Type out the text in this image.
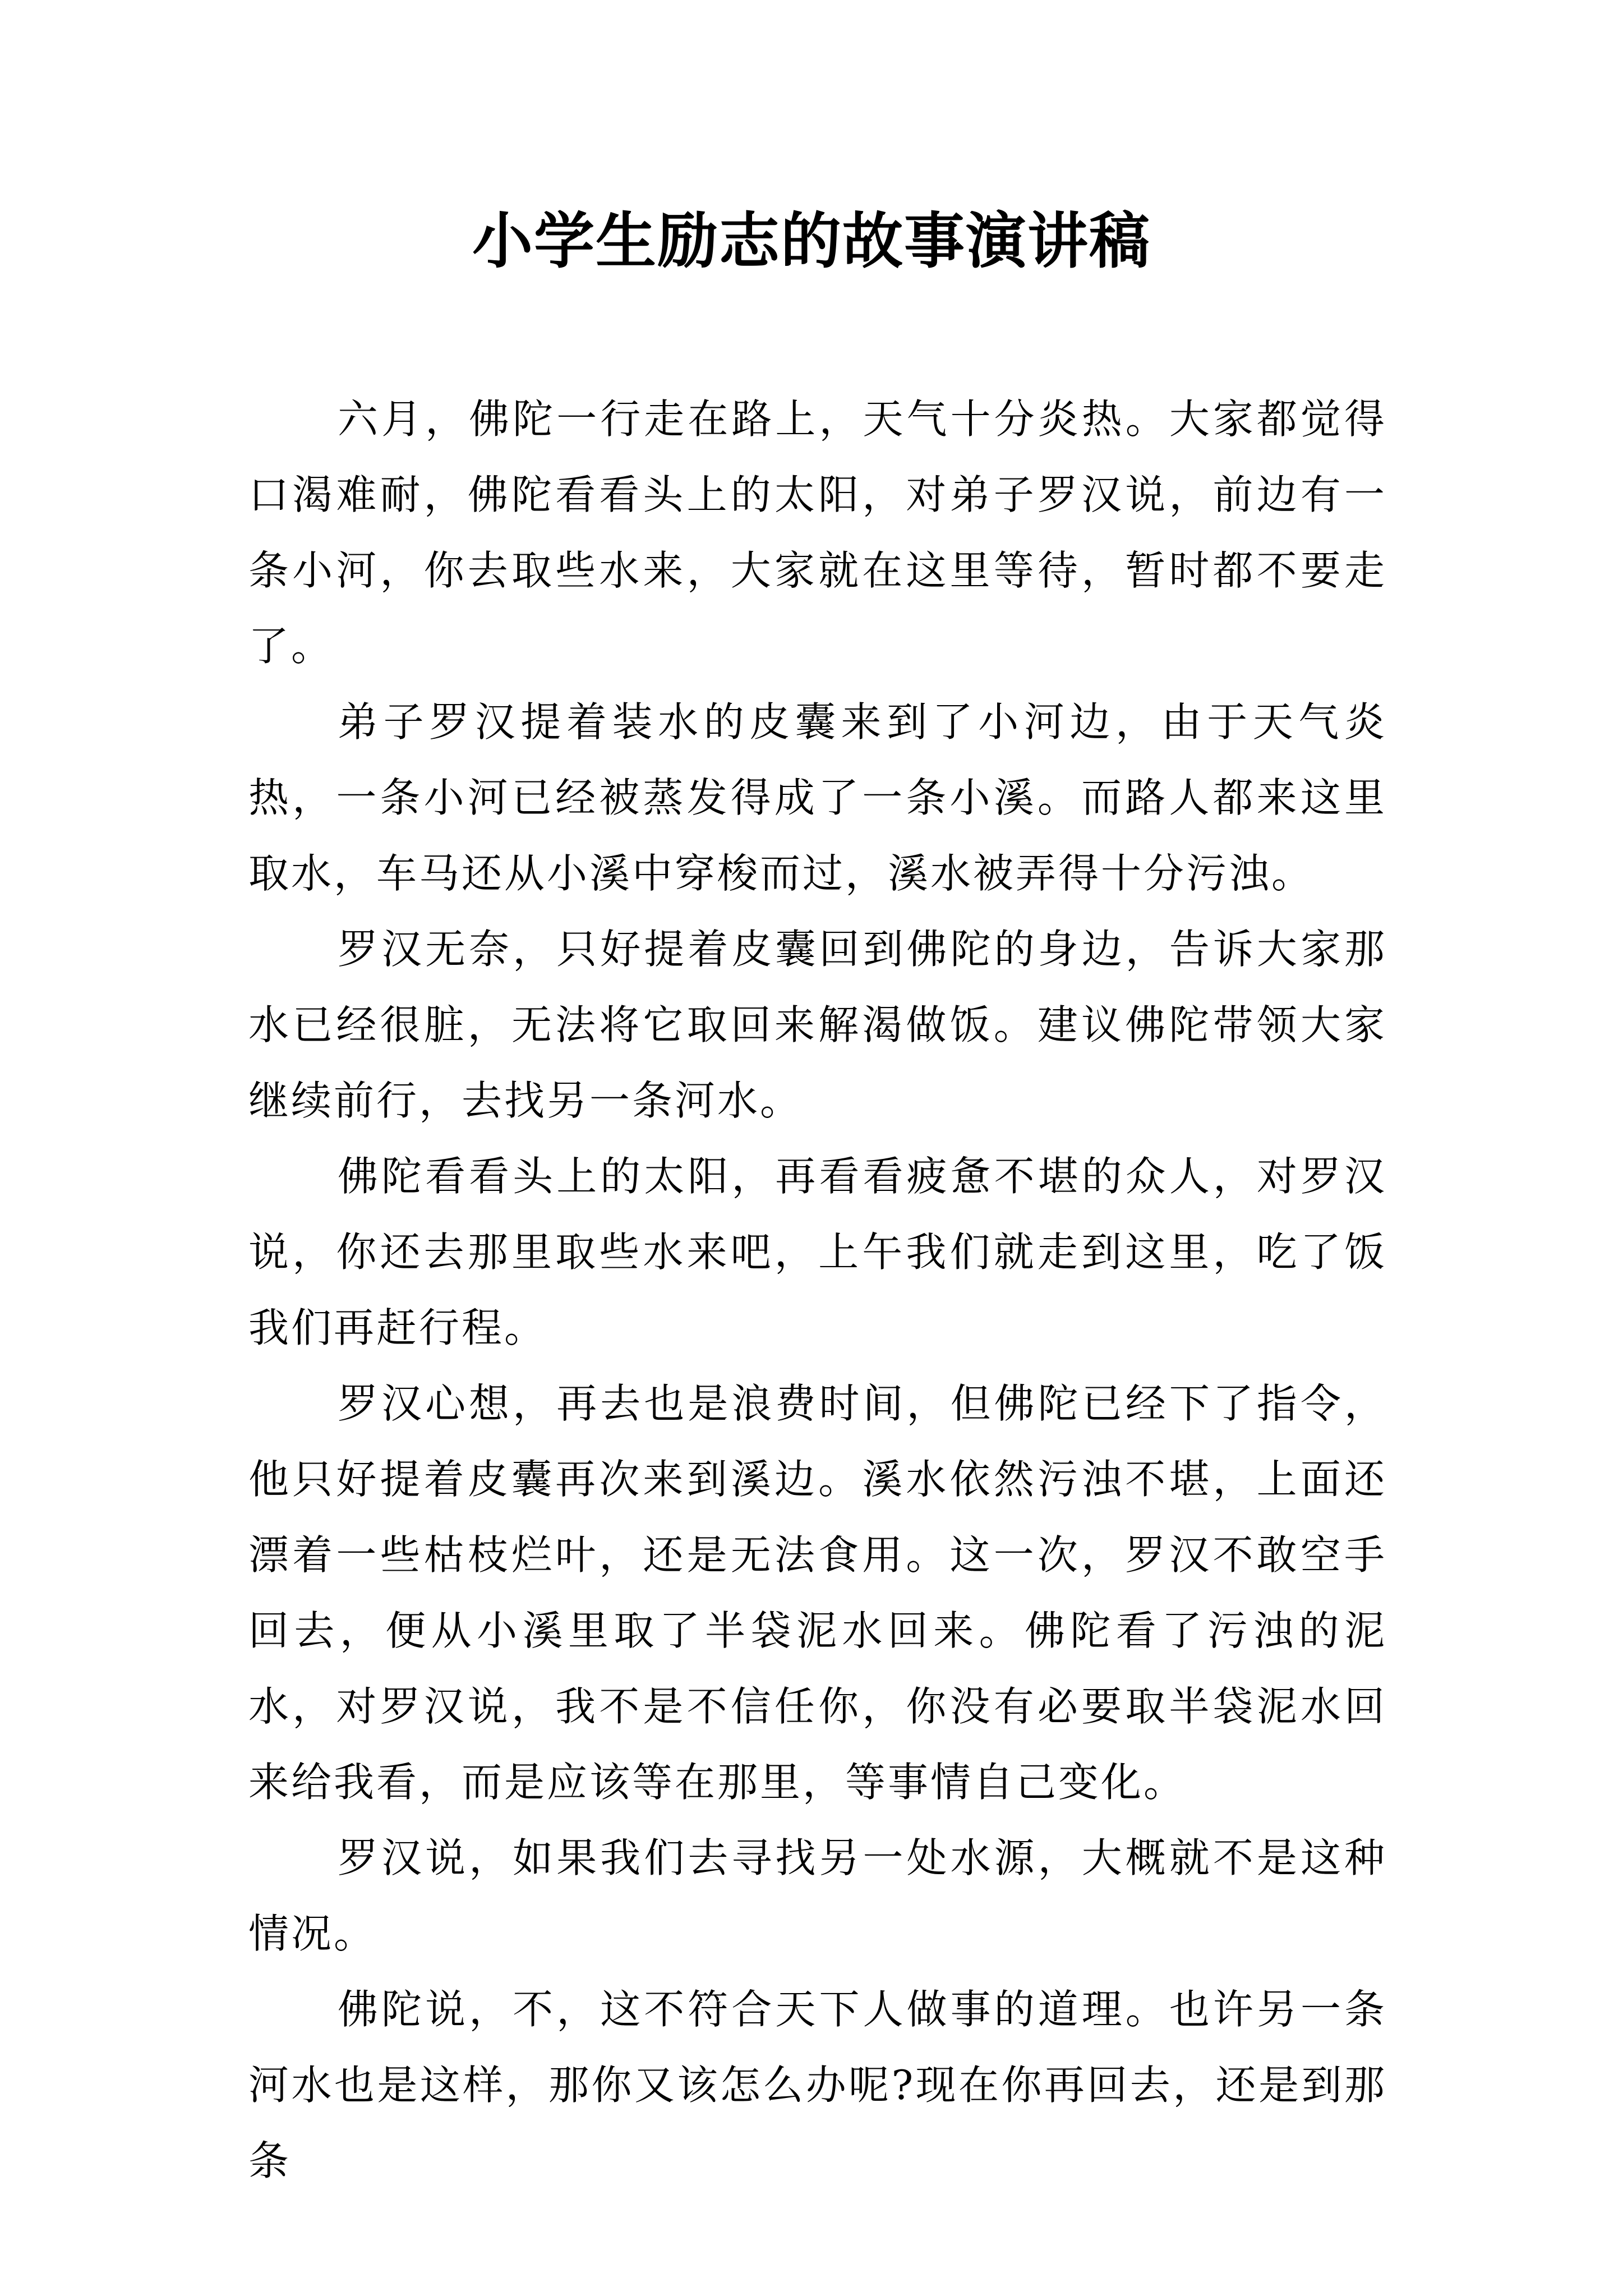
小学生励志的故事演讲稿

六月，佛陀一行走在路上，天气十分炎热。大家都觉得口渴难耐，佛陀看看头上的太阳，对弟子罗汉说，前边有一条小河，你去取些水来，大家就在这里等待，暂时都不要走了。

弟子罗汉提着装水的皮囊来到了小河边，由于天气炎热，一条小河已经被蒸发得成了一条小溪。而路人都来这里取水，车马还从小溪中穿梭而过，溪水被弄得十分污浊。

罗汉无奈，只好提着皮囊回到佛陀的身边，告诉大家那水已经很脏，无法将它取回来解渴做饭。建议佛陀带领大家继续前行，去找另一条河水。

佛陀看看头上的太阳，再看看疲惫不堪的众人，对罗汉说，你还去那里取些水来吧，上午我们就走到这里，吃了饭我们再赶行程。

罗汉心想，再去也是浪费时间，但佛陀已经下了指令，他只好提着皮囊再次来到溪边。溪水依然污浊不堪，上面还漂着一些枯枝烂叶，还是无法食用。这一次，罗汉不敢空手回去，便从小溪里取了半袋泥水回来。佛陀看了污浊的泥水，对罗汉说，我不是不信任你，你没有必要取半袋泥水回来给我看，而是应该等在那里，等事情自己变化。

罗汉说，如果我们去寻找另一处水源，大概就不是这种情况。

佛陀说，不，这不符合天下人做事的道理。也许另一条河水也是这样，那你又该怎么办呢?现在你再回去，还是到那条
